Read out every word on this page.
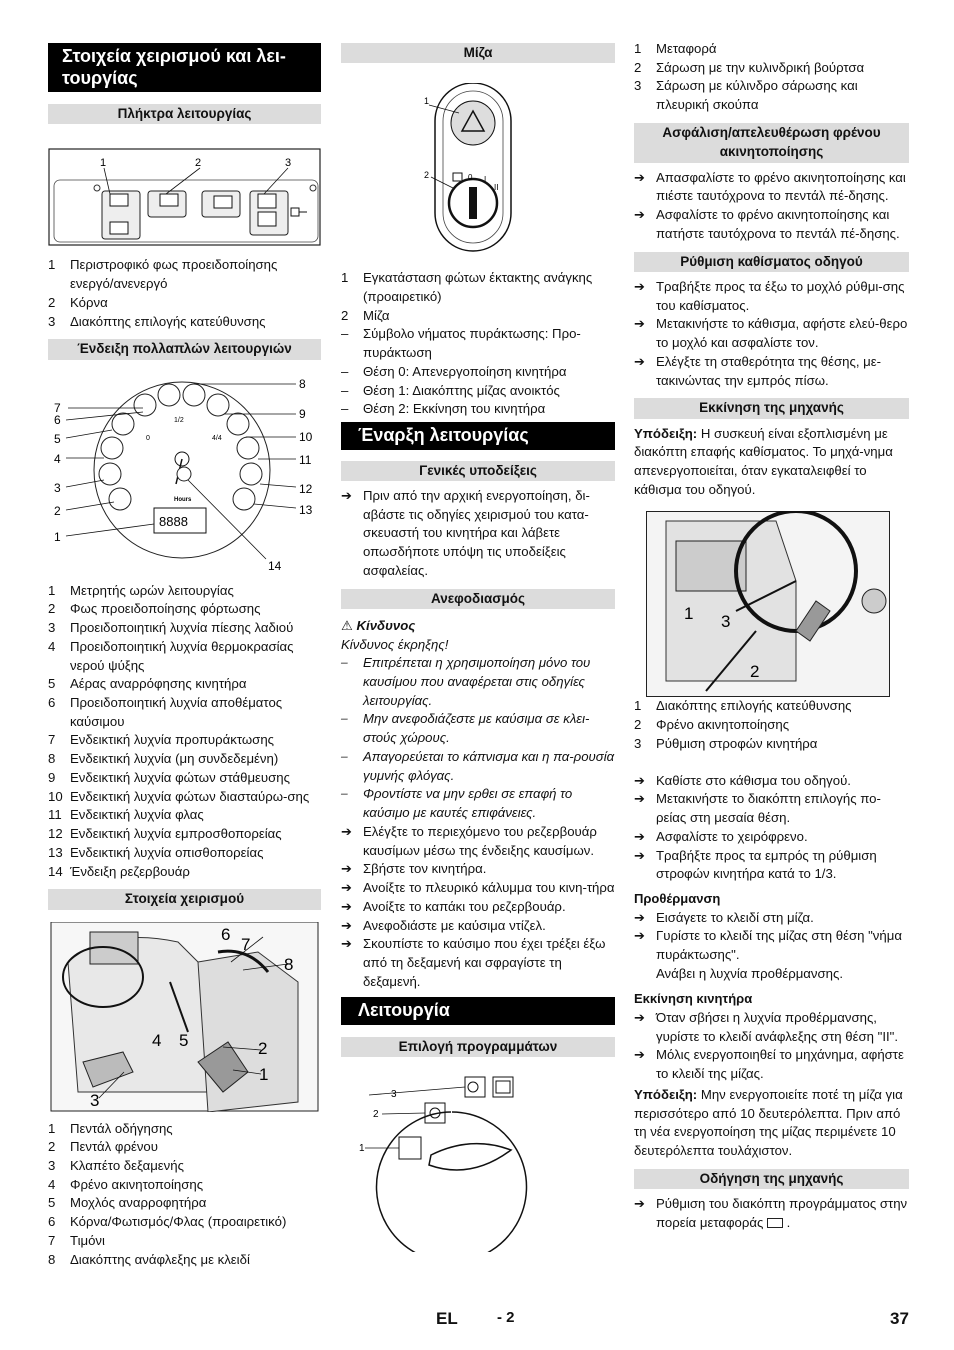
Στοιχεία χειρισμού και λει-τουργίας
Πλήκτρα λειτουργίας
1	2	3
1	Περιστροφικό φως προειδοποίησης ενεργό/ανενεργό
2	Κόρνα
3	Διακόπτης επιλογής κατεύθυνσης
Ένδειξη πολλαπλών λειτουργιών
1/2
4/4
0
Hours
8888
7
6
5
4
3
2
1
8
9
10
11
12
13
14
1	Μετρητής ωρών λειτουργίας
2	Φως προειδοποίησης φόρτωσης
3	Προειδοποιητική λυχνία πίεσης λαδιού
4	Προειδοποιητική λυχνία θερμοκρασίας νερού ψύξης
5	Αέρας αναρρόφησης κινητήρα
6	Προειδοποιητική λυχνία αποθέματος καύσιμου
7	Ενδεικτική λυχνία προπυράκτωσης
8	Ενδεικτική λυχνία (μη συνδεδεμένη)
9	Ενδεικτική λυχνία φώτων στάθμευσης
10 Ενδεικτική λυχνία φώτων διασταύρω-σης
11 Ενδεικτική λυχνία φλας
12 Ενδεικτική λυχνία εμπροσθοπορείας
13 Ενδεικτική λυχνία οπισθοπορείας
14 Ένδειξη ρεζερβουάρ
Στοιχεία χειρισμού
6
7
8
4 5	2
1
3
1	Πεντάλ οδήγησης
2	Πεντάλ φρένου
3	Κλαπέτο δεξαμενής
4	Φρένο ακινητοποίησης
5	Μοχλός αναρροφητήρα
6	Κόρνα/Φωτισμός/Φλας (προαιρετικό)
7	Τιμόνι
8	Διακόπτης ανάφλεξης με κλειδί
Μίζα
0 I
II
1
2
1	Εγκατάσταση φώτων έκτακτης ανάγκης (προαιρετικό)
2	Μίζα
–	Σύμβολο νήματος πυράκτωσης: Προ-πυράκτωση
–	Θέση 0: Απενεργοποίηση κινητήρα
–	Θέση 1: Διακόπτης μίζας ανοικτός
–	Θέση 2: Εκκίνηση του κινητήρα
Έναρξη λειτουργίας
Γενικές υποδείξεις
➔ Πριν από την αρχική ενεργοποίηση, δι-αβάστε τις οδηγίες χειρισμού του κατα-σκευαστή του κινητήρα και λάβετε οπωσδήποτε υπόψη τις υποδείξεις ασφαλείας.
Ανεφοδιασμός
⚠ Κίνδυνος
Κίνδυνος έκρηξης!
–	Επιτρέπεται η χρησιμοποίηση μόνο του καυσίμου που αναφέρεται στις οδηγίες λειτουργίας.
–	Μην ανεφοδιάζεστε με καύσιμα σε κλει-στούς χώρους.
–	Απαγορεύεται το κάπνισμα και η πα-ρουσία γυμνής φλόγας.
–	Φροντίστε να μην ερθει σε επαφή το καύσιμο με καυτές επιφάνειες.
➔ Ελέγξτε το περιεχόμενο του ρεζερβουάρ καυσίμων μέσω της ένδειξης καυσίμων.
➔ Σβήστε τον κινητήρα.
➔ Ανοίξτε το πλευρικό κάλυμμα του κινη-τήρα
➔ Ανοίξτε το καπάκι του ρεζερβουάρ.
➔ Ανεφοδιάστε με καύσιμα ντίζελ.
➔ Σκουπίστε το καύσιμο που έχει τρέξει έξω από τη δεξαμενή και σφραγίστε τη δεξαμενή.
Λειτουργία
Επιλογή προγραμμάτων
3
2
1
1	Μεταφορά
2	Σάρωση με την κυλινδρική βούρτσα
3	Σάρωση με κύλινδρο σάρωσης και πλευρική σκούπα
Ασφάλιση/απελευθέρωση φρένου ακινητοποίησης
➔ Απασφαλίστε το φρένο ακινητοποίησης και πιέστε ταυτόχρονα το πεντάλ πέ-δησης.
➔ Ασφαλίστε το φρένο ακινητοποίησης και πατήστε ταυτόχρονα το πεντάλ πέ-δησης.
Ρύθμιση καθίσματος οδηγού
➔ Τραβήξτε προς τα έξω το μοχλό ρύθμι-σης του καθίσματος.
➔ Μετακινήστε το κάθισμα, αφήστε ελεύ-θερο το μοχλό και ασφαλίστε τον.
➔ Ελέγξτε τη σταθερότητα της θέσης, με-τακινώντας την εμπρός πίσω.
Εκκίνηση της μηχανής

Υπόδειξη: Η συσκευή είναι εξοπλισμένη με διακόπτη επαφής καθίσματος. Το μηχά-νημα απενεργοποιείται, όταν εγκαταλειφθεί το κάθισμα του οδηγού.

1 3
2
1	Διακόπτης επιλογής κατεύθυνσης
2	Φρένο ακινητοποίησης
3	Ρύθμιση στροφών κινητήρα
➔ Καθίστε στο κάθισμα του οδηγού.
➔ Μετακινήστε το διακόπτη επιλογής πο-ρείας στη μεσαία θέση.
➔ Ασφαλίστε το χειρόφρενο.
➔ Τραβήξτε προς τα εμπρός τη ρύθμιση στροφών κινητήρα κατά το 1/3.
Προθέρμανση
➔ Εισάγετε το κλειδί στη μίζα.
➔ Γυρίστε το κλειδί της μίζας στη θέση "νήμα πυράκτωσης".
Ανάβει η λυχνία προθέρμανσης.
Εκκίνηση κινητήρα
➔ Όταν σβήσει η λυχνία προθέρμανσης, γυρίστε το κλειδί ανάφλεξης στη θέση "II".
➔ Μόλις ενεργοποιηθεί το μηχάνημα, αφήστε το κλειδί της μίζας.

Υπόδειξη: Μην ενεργοποιείτε ποτέ τη μίζα για περισσότερο από 10 δευτερόλεπτα. Πριν από τη νέα ενεργοποίηση της μίζας περιμένετε 10 δευτερόλεπτα τουλάχιστον.

Οδήγηση της μηχανής
➔ Ρύθμιση του διακόπτη προγράμματος στην πορεία μεταφοράς  .
EL	- 2	37
